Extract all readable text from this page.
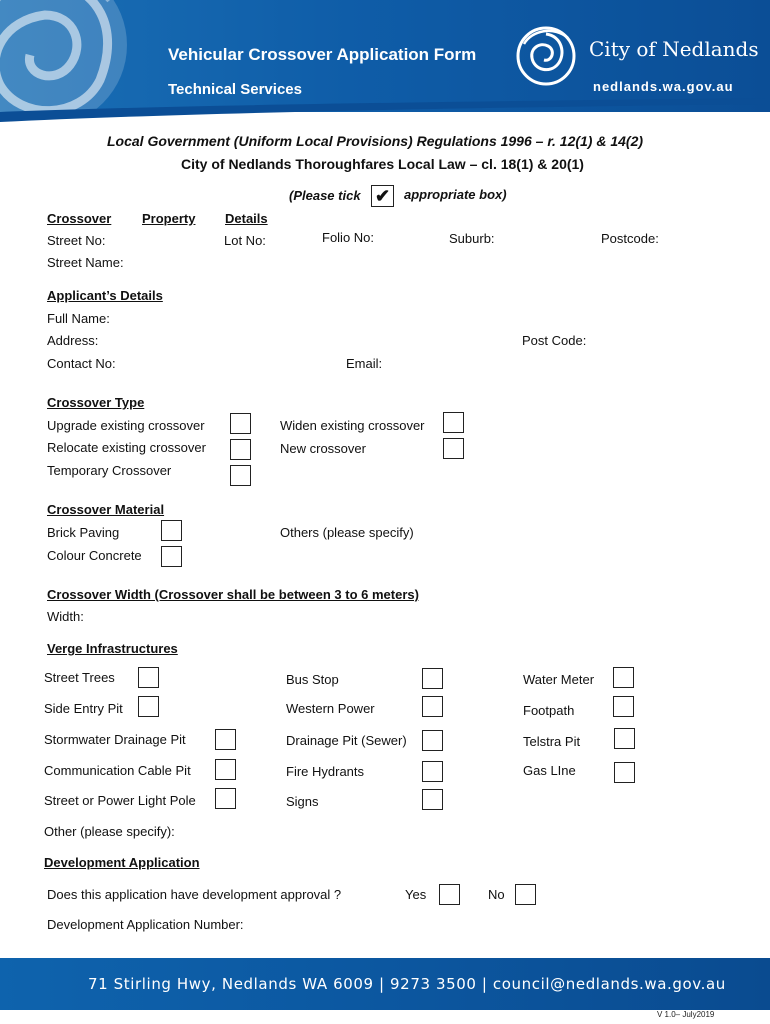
Vehicular Crossover Application Form
Technical Services
City of Nedlands
nedlands.wa.gov.au
Local Government (Uniform Local Provisions) Regulations 1996 – r. 12(1) & 14(2)
City of Nedlands Thoroughfares Local Law – cl. 18(1) & 20(1)
(Please tick ✔	appropriate box)
Crossover Property Details
Street No:	Lot No:	Folio No:	Suburb:	Postcode:
Street Name:
Applicant’s Details
Full Name:
Address:	Post Code:
Contact No:	Email:
Crossover Type
Upgrade existing crossover
Relocate existing crossover
Temporary Crossover
Widen existing crossover
New crossover
Crossover Material
Brick Paving
Colour Concrete
Others (please specify)
Crossover Width (Crossover shall be between 3 to 6 meters)
Width:
Verge Infrastructures
Street Trees
Side Entry Pit
Stormwater Drainage Pit
Communication Cable Pit
Street or Power Light Pole
Bus Stop
Western Power
Drainage Pit (Sewer)
Fire Hydrants
Signs
Water Meter
Footpath
Telstra Pit
Gas LIne
Other (please specify):
Development Application
Does this application have development approval ?	Yes	No
Development Application Number:
71 Stirling Hwy, Nedlands WA 6009 | 9273 3500 | council@nedlands.wa.gov.au
V 1.0– July2019
